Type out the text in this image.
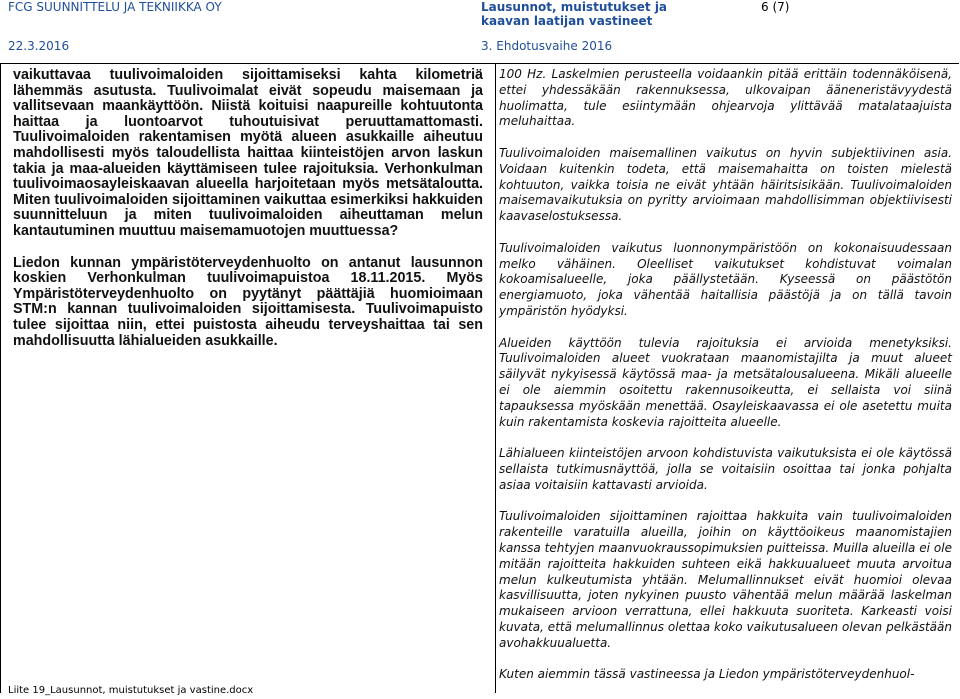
FCG SUUNNITTELU JA TEKNIIKKA OY	Lausunnot, muistutukset ja
kaavan laatijan vastineet
6 (7)
22.3.2016	3. Ehdotusvaihe 2016

vaikuttavaa tuulivoimaloiden sijoittamiseksi kahta kilometriä lähemmäs asutusta. Tuulivoimalat eivät sopeudu maisemaan ja vallitsevaan maankäyttöön. Niistä koituisi naapureille kohtuutonta haittaa ja luontoarvot tuhoutuisivat peruuttamattomasti. Tuulivoimaloiden rakentamisen myötä alueen asukkaille aiheutuu mahdollisesti myös taloudellista haittaa kiinteistöjen arvon laskun takia ja maa-alueiden käyttämiseen tulee rajoituksia. Verhonkulman tuulivoimaosayleiskaavan alueella harjoitetaan myös metsätaloutta. Miten tuulivoimaloiden sijoittaminen vaikuttaa esimerkiksi hakkuiden suunnitteluun ja miten tuulivoimaloiden aiheuttaman melun kantautuminen muuttuu maisemamuotojen muuttuessa?

Liedon kunnan ympäristöterveydenhuolto on antanut lausunnon koskien Verhonkulman tuulivoimapuistoa 18.11.2015. Myös Ympäristöterveydenhuolto on pyytänyt päättäjiä huomioimaan STM:n kannan tuulivoimaloiden sijoittamisesta. Tuulivoimapuisto tulee sijoittaa niin, ettei puistosta aiheudu terveyshaittaa tai sen mahdollisuutta lähialueiden asukkaille.

100 Hz. Laskelmien perusteella voidaankin pitää erittäin todennäköisenä, ettei yhdessäkään rakennuksessa, ulkovaipan ääneneristävyydestä huolimatta, tule esiintymään ohjearvoja ylittävää matalataajuista meluhaittaa.

Tuulivoimaloiden maisemallinen vaikutus on hyvin subjektiivinen asia. Voidaan kuitenkin todeta, että maisemahaitta on toisten mielestä kohtuuton, vaikka toisia ne eivät yhtään häiritsisikään. Tuulivoimaloiden maisemavaikutuksia on pyritty arvioimaan mahdollisimman objektiivisesti kaavaselostuksessa.

Tuulivoimaloiden vaikutus luonnonympäristöön on kokonaisuudessaan melko vähäinen. Oleelliset vaikutukset kohdistuvat voimalan kokoamisalueelle, joka päällystetään. Kyseessä on päästötön energiamuoto, joka vähentää haitallisia päästöjä ja on tällä tavoin ympäristön hyödyksi.

Alueiden käyttöön tulevia rajoituksia ei arvioida menetyksiksi. Tuulivoimaloiden alueet vuokrataan maanomistajilta ja muut alueet säilyvät nykyisessä käytössä maa- ja metsätalousalueena. Mikäli alueelle ei ole aiemmin osoitettu rakennusoikeutta, ei sellaista voi siinä tapauksessa myöskään menettää. Osayleiskaavassa ei ole asetettu muita kuin rakentamista koskevia rajoitteita alueelle.

Lähialueen kiinteistöjen arvoon kohdistuvista vaikutuksista ei ole käytössä sellaista tutkimusnäyttöä, jolla se voitaisiin osoittaa tai jonka pohjalta asiaa voitaisiin kattavasti arvioida.

Tuulivoimaloiden sijoittaminen rajoittaa hakkuita vain tuulivoimaloiden rakenteille varatuilla alueilla, joihin on käyttöoikeus maanomistajien kanssa tehtyjen maanvuokraussopimuksien puitteissa. Muilla alueilla ei ole mitään rajoitteita hakkuiden suhteen eikä hakkuualueet muuta arvoitua melun kulkeutumista yhtään. Melumallinnukset eivät huomioi olevaa kasvillisuutta, joten nykyinen puusto vähentää melun määrää laskelman mukaiseen arvioon verrattuna, ellei hakkuuta suoriteta. Karkeasti voisi kuvata, että melumallinnus olettaa koko vaikutusalueen olevan pelkästään avohakkuualuetta.

Kuten aiemmin tässä vastineessa ja Liedon ympäristöterveydenhuol-

Liite 19_Lausunnot, muistutukset ja vastine.docx
